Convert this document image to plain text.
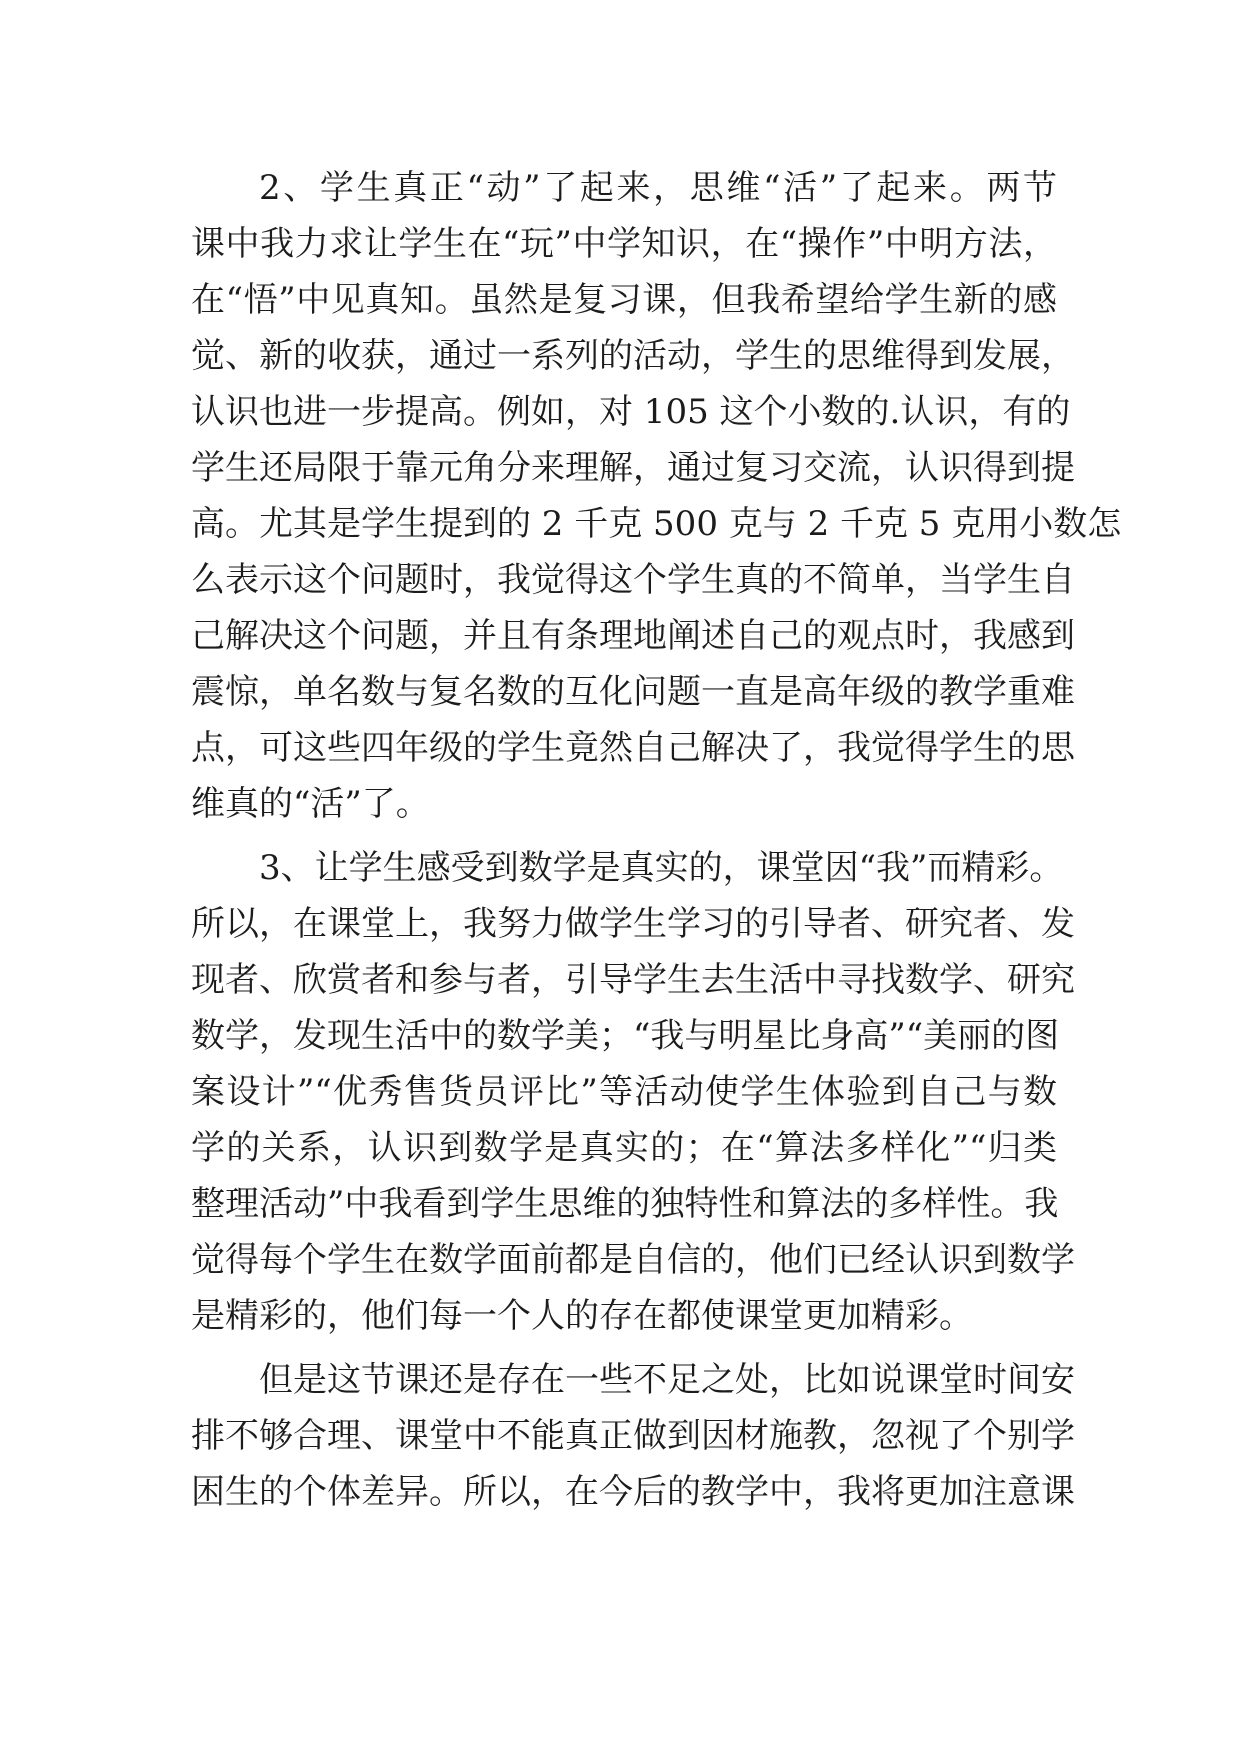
2、学生真正“动”了起来，思维“活”了起来。两节
课中我力求让学生在“玩”中学知识，在“操作”中明方法，
在“悟”中见真知。虽然是复习课，但我希望给学生新的感
觉、新的收获，通过一系列的活动，学生的思维得到发展，
认识也进一步提高。例如，对 105 这个小数的.认识，有的
学生还局限于靠元角分来理解，通过复习交流，认识得到提
高。尤其是学生提到的 2 千克 500 克与 2 千克 5 克用小数怎
么表示这个问题时，我觉得这个学生真的不简单，当学生自
己解决这个问题，并且有条理地阐述自己的观点时，我感到
震惊，单名数与复名数的互化问题一直是高年级的教学重难
点，可这些四年级的学生竟然自己解决了，我觉得学生的思
维真的“活”了。
3、让学生感受到数学是真实的，课堂因“我”而精彩。
所以，在课堂上，我努力做学生学习的引导者、研究者、发
现者、欣赏者和参与者，引导学生去生活中寻找数学、研究
数学，发现生活中的数学美；“我与明星比身高”“美丽的图
案设计”“优秀售货员评比”等活动使学生体验到自己与数
学的关系，认识到数学是真实的；在“算法多样化”“归类
整理活动”中我看到学生思维的独特性和算法的多样性。我
觉得每个学生在数学面前都是自信的，他们已经认识到数学
是精彩的，他们每一个人的存在都使课堂更加精彩。
但是这节课还是存在一些不足之处，比如说课堂时间安
排不够合理、课堂中不能真正做到因材施教，忽视了个别学
困生的个体差异。所以，在今后的教学中，我将更加注意课
